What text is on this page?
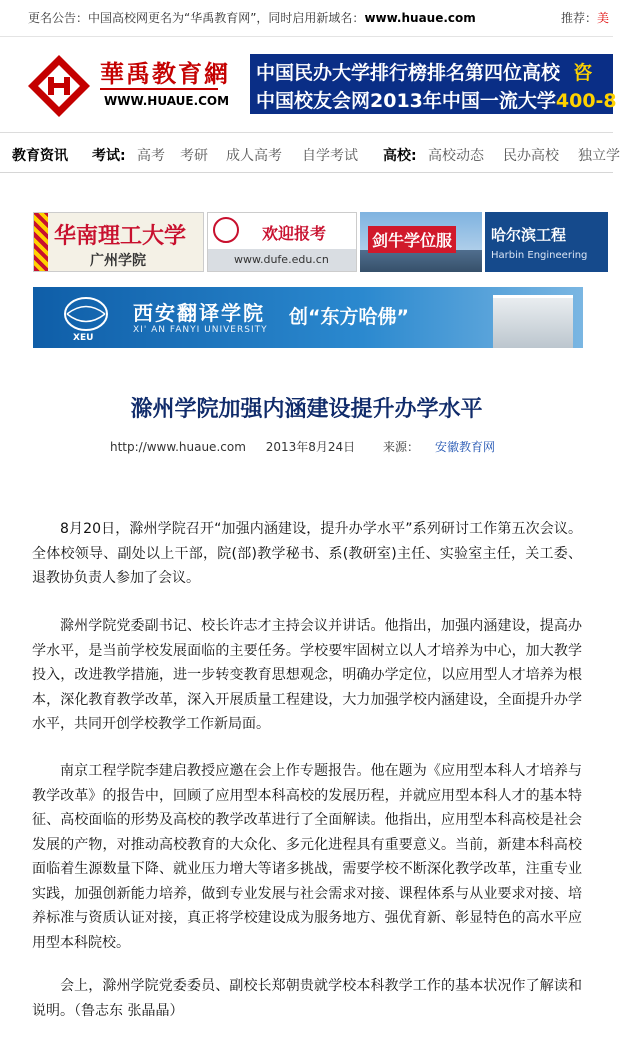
更名公告：中国高校网更名为“华禹教育网”，同时启用新域名：www.huaue.com	推荐：美
華禹教育網
WWW.HUAUE.COM
中国民办大学排行榜排名第四位高校 咨
中国校友会网2013年中国一流大学400-8
教育资讯 考试: 高考 考研 成人高考 自学考试 高校: 高校动态 民办高校 独立学
华南理工大学
广州学院
欢迎报考
www.dufe.edu.cn
剑牛学位服	哈尔滨工程
Harbin Engineering
XEU
西安翻译学院
XI' AN FANYI UNIVERSITY
创“东方哈佛”
滁州学院加强内涵建设提升办学水平
http://www.huaue.com 2013年8月24日 来源： 安徽教育网

8月20日，滁州学院召开“加强内涵建设，提升办学水平”系列研讨工作第五次会议。全体校领导、副处以上干部，院(部)教学秘书、系(教研室)主任、实验室主任，关工委、退教协负责人参加了会议。

滁州学院党委副书记、校长许志才主持会议并讲话。他指出，加强内涵建设，提高办学水平，是当前学校发展面临的主要任务。学校要牢固树立以人才培养为中心，加大教学投入，改进教学措施，进一步转变教育思想观念，明确办学定位，以应用型人才培养为根本，深化教育教学改革，深入开展质量工程建设，大力加强学校内涵建设，全面提升办学水平，共同开创学校教学工作新局面。

南京工程学院李建启教授应邀在会上作专题报告。他在题为《应用型本科人才培养与教学改革》的报告中，回顾了应用型本科高校的发展历程，并就应用型本科人才的基本特征、高校面临的形势及高校的教学改革进行了全面解读。他指出，应用型本科高校是社会发展的产物，对推动高校教育的大众化、多元化进程具有重要意义。当前，新建本科高校面临着生源数量下降、就业压力增大等诸多挑战，需要学校不断深化教学改革，注重专业实践，加强创新能力培养，做到专业发展与社会需求对接、课程体系与从业要求对接、培养标准与资质认证对接，真正将学校建设成为服务地方、强优育新、彰显特色的高水平应用型本科院校。

会上，滁州学院党委委员、副校长郑朝贵就学校本科教学工作的基本状况作了解读和说明。（鲁志东 张晶晶）
